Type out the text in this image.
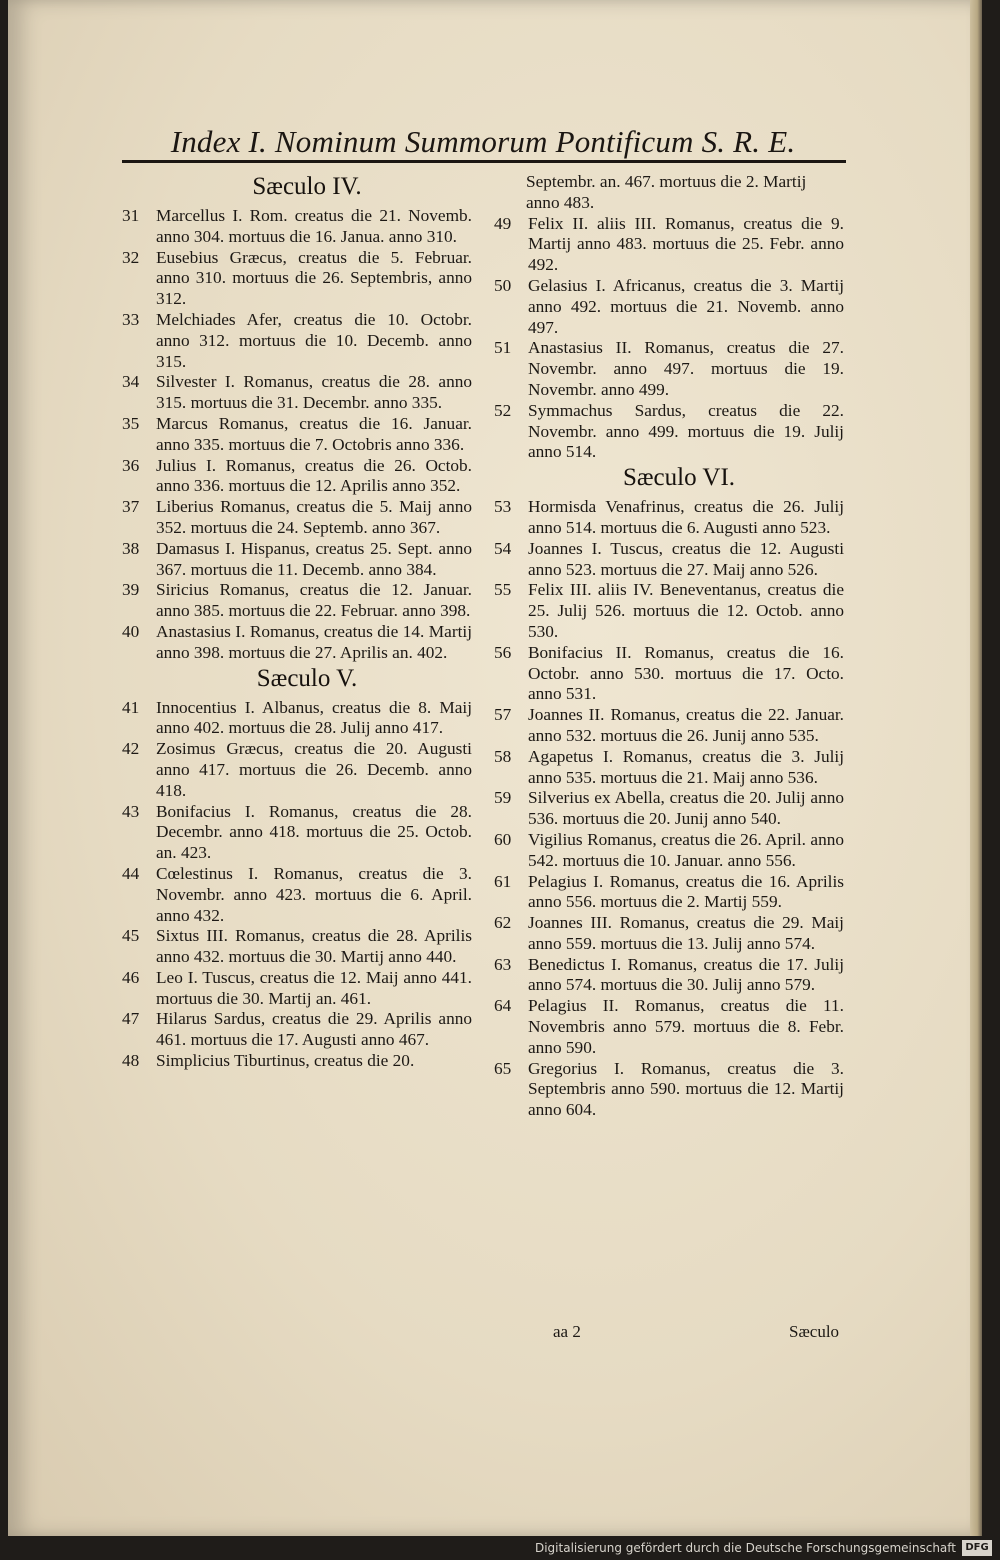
Index I. Nominum Summorum Pontificum S. R. E.
Sæculo IV.
31 Marcellus I. Rom. creatus die 21. Novemb. anno 304. mortuus die 16. Janua. anno 310.
32 Eusebius Græcus, creatus die 5. Februar. anno 310. mortuus die 26. Septembris, anno 312.
33 Melchiades Afer, creatus die 10. Octobr. anno 312. mortuus die 10. Decemb. anno 315.
34 Silvester I. Romanus, creatus die 28. anno 315. mortuus die 31. Decembr. anno 335.
35 Marcus Romanus, creatus die 16. Januar. anno 335. mortuus die 7. Octobris anno 336.
36 Julius I. Romanus, creatus die 26. Octob. anno 336. mortuus die 12. Aprilis anno 352.
37 Liberius Romanus, creatus die 5. Maij anno 352. mortuus die 24. Septemb. anno 367.
38 Damasus I. Hispanus, creatus 25. Sept. anno 367. mortuus die 11. Decemb. anno 384.
39 Siricius Romanus, creatus die 12. Januar. anno 385. mortuus die 22. Februar. anno 398.
40 Anastasius I. Romanus, creatus die 14. Martij anno 398. mortuus die 27. Aprilis an. 402.
Sæculo V.
41 Innocentius I. Albanus, creatus die 8. Maij anno 402. mortuus die 28. Julij anno 417.
42 Zosimus Græcus, creatus die 20. Augusti anno 417. mortuus die 26. Decemb. anno 418.
43 Bonifacius I. Romanus, creatus die 28. Decembr. anno 418. mortuus die 25. Octob. an. 423.
44 Cœlestinus I. Romanus, creatus die 3. Novembr. anno 423. mortuus die 6. April. anno 432.
45 Sixtus III. Romanus, creatus die 28. Aprilis anno 432. mortuus die 30. Martij anno 440.
46 Leo I. Tuscus, creatus die 12. Maij anno 441. mortuus die 30. Martij an. 461.
47 Hilarus Sardus, creatus die 29. Aprilis anno 461. mortuus die 17. Augusti anno 467.
48 Simplicius Tiburtinus, creatus die 20.
Septembr. an. 467. mortuus die 2. Martij anno 483.
49 Felix II. aliis III. Romanus, creatus die 9. Martij anno 483. mortuus die 25. Febr. anno 492.
50 Gelasius I. Africanus, creatus die 3. Martij anno 492. mortuus die 21. Novemb. anno 497.
51 Anastasius II. Romanus, creatus die 27. Novembr. anno 497. mortuus die 19. Novembr. anno 499.
52 Symmachus Sardus, creatus die 22. Novembr. anno 499. mortuus die 19. Julij anno 514.
Sæculo VI.
53 Hormisda Venafrinus, creatus die 26. Julij anno 514. mortuus die 6. Augusti anno 523.
54 Joannes I. Tuscus, creatus die 12. Augusti anno 523. mortuus die 27. Maij anno 526.
55 Felix III. aliis IV. Beneventanus, creatus die 25. Julij 526. mortuus die 12. Octob. anno 530.
56 Bonifacius II. Romanus, creatus die 16. Octobr. anno 530. mortuus die 17. Octo. anno 531.
57 Joannes II. Romanus, creatus die 22. Januar. anno 532. mortuus die 26. Junij anno 535.
58 Agapetus I. Romanus, creatus die 3. Julij anno 535. mortuus die 21. Maij anno 536.
59 Silverius ex Abella, creatus die 20. Julij anno 536. mortuus die 20. Junij anno 540.
60 Vigilius Romanus, creatus die 26. April. anno 542. mortuus die 10. Januar. anno 556.
61 Pelagius I. Romanus, creatus die 16. Aprilis anno 556. mortuus die 2. Martij 559.
62 Joannes III. Romanus, creatus die 29. Maij anno 559. mortuus die 13. Julij anno 574.
63 Benedictus I. Romanus, creatus die 17. Julij anno 574. mortuus die 30. Julij anno 579.
64 Pelagius II. Romanus, creatus die 11. Novembris anno 579. mortuus die 8. Febr. anno 590.
65 Gregorius I. Romanus, creatus die 3. Septembris anno 590. mortuus die 12. Martij anno 604.
aa 2	Sæculo
Digitalisierung gefördert durch die Deutsche Forschungsgemeinschaft DFG
